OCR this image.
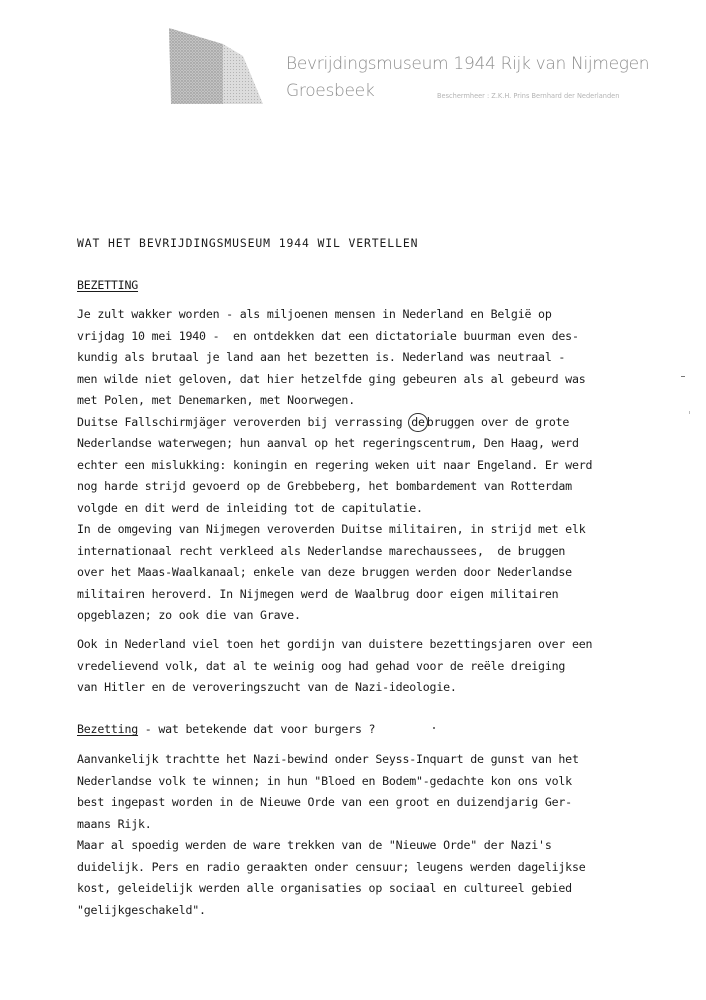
Bevrijdingsmuseum 1944 Rijk van Nijmegen
Groesbeek	Beschermheer : Z.K.H. Prins Bernhard der Nederlanden
WAT HET BEVRIJDINGSMUSEUM 1944 WIL VERTELLEN
BEZETTING
Je zult wakker worden - als miljoenen mensen in Nederland en België op
vrijdag 10 mei 1940 -  en ontdekken dat een dictatoriale buurman even des-
kundig als brutaal je land aan het bezetten is. Nederland was neutraal -
men wilde niet geloven, dat hier hetzelfde ging gebeuren als al gebeurd was
met Polen, met Denemarken, met Noorwegen.
Duitse Fallschirmjäger veroverden bij verrassing de bruggen over de grote
Nederlandse waterwegen; hun aanval op het regeringscentrum, Den Haag, werd
echter een mislukking: koningin en regering weken uit naar Engeland. Er werd
nog harde strijd gevoerd op de Grebbeberg, het bombardement van Rotterdam
volgde en dit werd de inleiding tot de capitulatie.
In de omgeving van Nijmegen veroverden Duitse militairen, in strijd met elk
internationaal recht verkleed als Nederlandse marechaussees,  de bruggen
over het Maas-Waalkanaal; enkele van deze bruggen werden door Nederlandse
militairen heroverd. In Nijmegen werd de Waalbrug door eigen militairen
opgeblazen; zo ook die van Grave.
Ook in Nederland viel toen het gordijn van duistere bezettingsjaren over een
vredelievend volk, dat al te weinig oog had gehad voor de reële dreiging
van Hitler en de veroveringszucht van de Nazi-ideologie.
Bezetting - wat betekende dat voor burgers ?
Aanvankelijk trachtte het Nazi-bewind onder Seyss-Inquart de gunst van het
Nederlandse volk te winnen; in hun "Bloed en Bodem"-gedachte kon ons volk
best ingepast worden in de Nieuwe Orde van een groot en duizendjarig Ger-
maans Rijk.
Maar al spoedig werden de ware trekken van de "Nieuwe Orde" der Nazi's
duidelijk. Pers en radio geraakten onder censuur; leugens werden dagelijkse
kost, geleidelijk werden alle organisaties op sociaal en cultureel gebied
"gelijkgeschakeld".
